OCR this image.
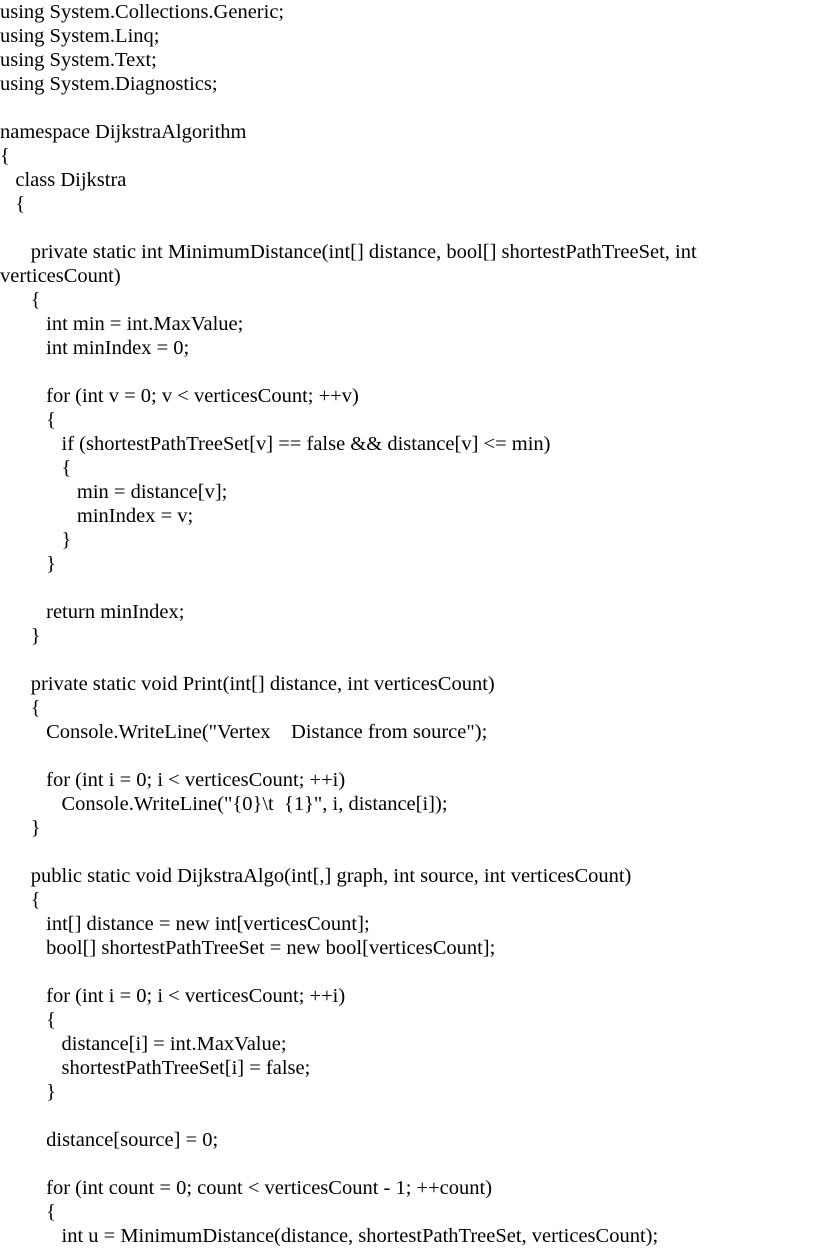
using System.Collections.Generic;
using System.Linq;
using System.Text;
using System.Diagnostics;
namespace DijkstraAlgorithm
{
class Dijkstra
{
private static int MinimumDistance(int[] distance, bool[] shortestPathTreeSet, int
verticesCount)
{
int min = int.MaxValue;
int minIndex = 0;
for (int v = 0; v < verticesCount; ++v)
{
if (shortestPathTreeSet[v] == false && distance[v] <= min)
{
min = distance[v];
minIndex = v;
}
}
return minIndex;
}
private static void Print(int[] distance, int verticesCount)
{
Console.WriteLine("Vertex    Distance from source");
for (int i = 0; i < verticesCount; ++i)
Console.WriteLine("{0}\t  {1}", i, distance[i]);
}
public static void DijkstraAlgo(int[,] graph, int source, int verticesCount)
{
int[] distance = new int[verticesCount];
bool[] shortestPathTreeSet = new bool[verticesCount];
for (int i = 0; i < verticesCount; ++i)
{
distance[i] = int.MaxValue;
shortestPathTreeSet[i] = false;
}
distance[source] = 0;
for (int count = 0; count < verticesCount - 1; ++count)
{
int u = MinimumDistance(distance, shortestPathTreeSet, verticesCount);
